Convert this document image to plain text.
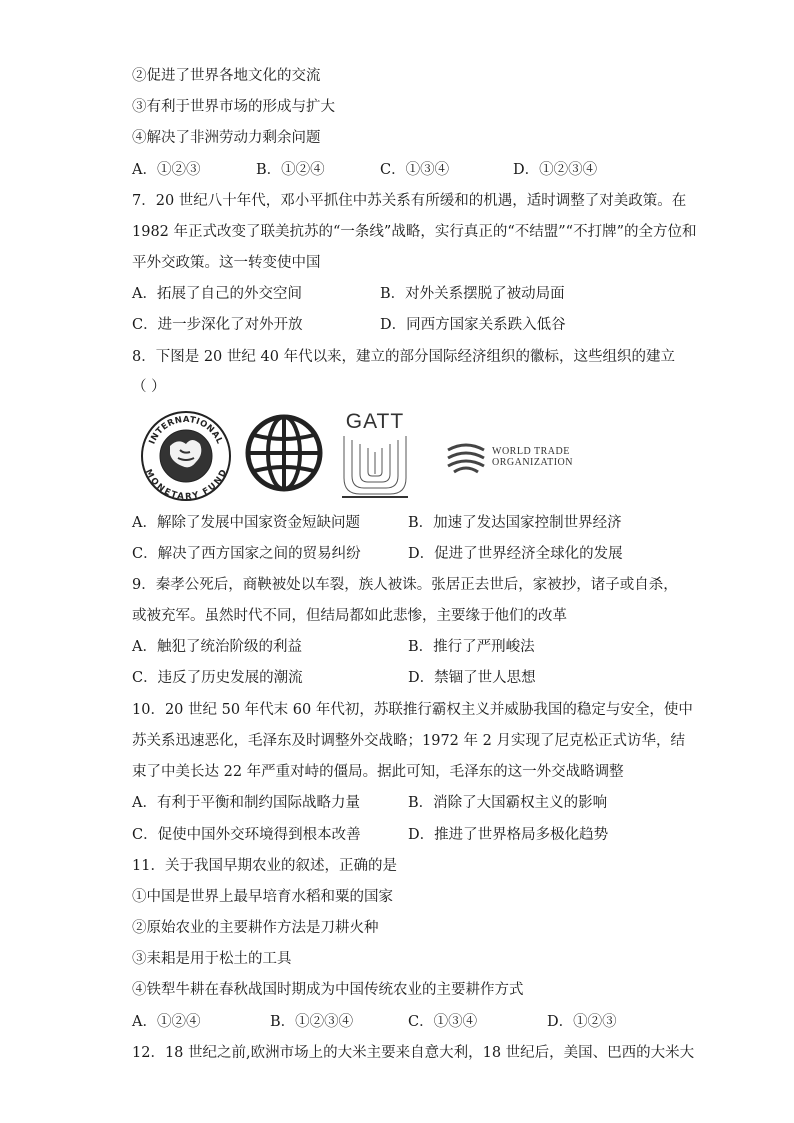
②促进了世界各地文化的交流
③有利于世界市场的形成与扩大
④解决了非洲劳动力剩余问题
A．①②③	B．①②④	C．①③④	D．①②③④
7．20 世纪八十年代，邓小平抓住中苏关系有所缓和的机遇，适时调整了对美政策。在
1982 年正式改变了联美抗苏的“一条线”战略，实行真正的“不结盟”“不打牌”的全方位和
平外交政策。这一转变使中国
A．拓展了自己的外交空间	B．对外关系摆脱了被动局面
C．进一步深化了对外开放	D．同西方国家关系跌入低谷
8．下图是 20 世纪 40 年代以来，建立的部分国际经济组织的徽标，这些组织的建立
（ ）
INTERNATIONAL
MONETARY FUND
GATT
WORLD TRADE
ORGANIZATION
A．解除了发展中国家资金短缺问题	B．加速了发达国家控制世界经济
C．解决了西方国家之间的贸易纠纷	D．促进了世界经济全球化的发展
9．秦孝公死后，商鞅被处以车裂，族人被诛。张居正去世后，家被抄，诸子或自杀，
或被充军。虽然时代不同，但结局都如此悲惨，主要缘于他们的改革
A．触犯了统治阶级的利益	B．推行了严刑峻法
C．违反了历史发展的潮流	D．禁锢了世人思想
10．20 世纪 50 年代末 60 年代初，苏联推行霸权主义并威胁我国的稳定与安全，使中
苏关系迅速恶化，毛泽东及时调整外交战略；1972 年 2 月实现了尼克松正式访华，结
束了中美长达 22 年严重对峙的僵局。据此可知，毛泽东的这一外交战略调整
A．有利于平衡和制约国际战略力量	B．消除了大国霸权主义的影响
C．促使中国外交环境得到根本改善	D．推进了世界格局多极化趋势
11．关于我国早期农业的叙述，正确的是
①中国是世界上最早培育水稻和粟的国家
②原始农业的主要耕作方法是刀耕火种
③耒耜是用于松土的工具
④铁犁牛耕在春秋战国时期成为中国传统农业的主要耕作方式
A．①②④	B．①②③④	C．①③④	D．①②③
12．18 世纪之前,欧洲市场上的大米主要来自意大利，18 世纪后，美国、巴西的大米大
